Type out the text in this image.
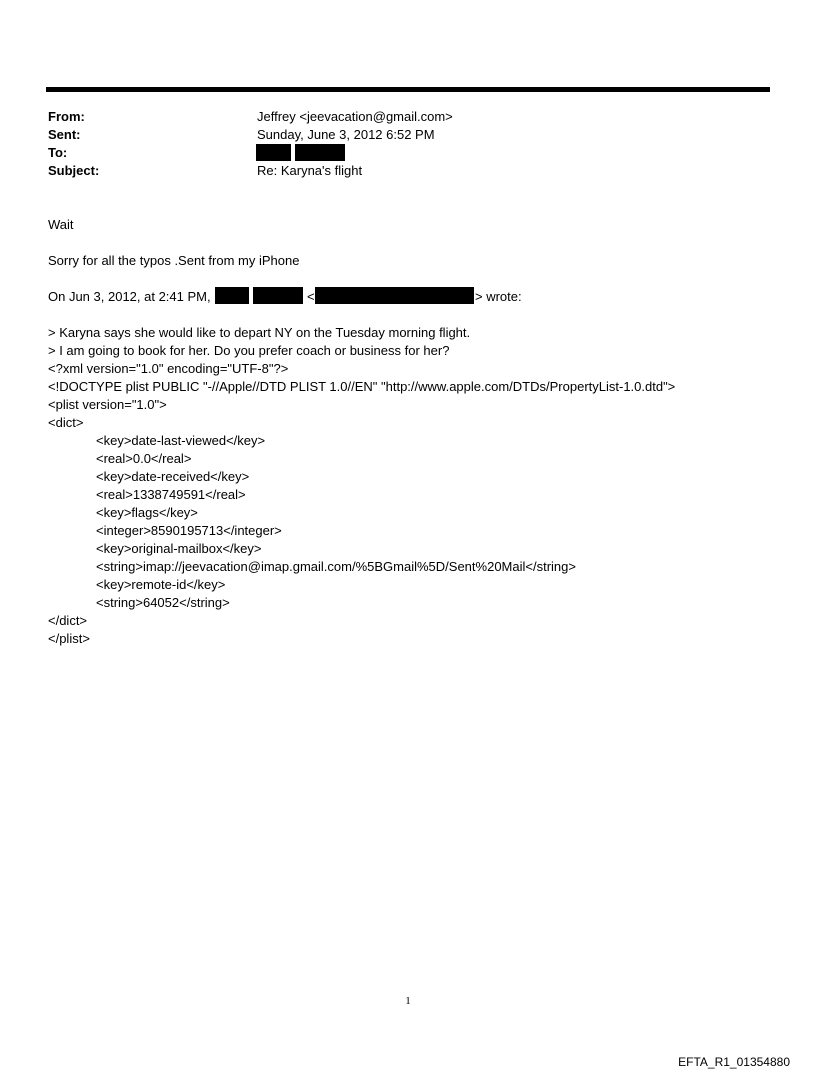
From:	Jeffrey <jeevacation@gmail.com>
Sent:	Sunday, June 3, 2012 6:52 PM
To:
Subject:	Re: Karyna's flight
Wait
Sorry for all the typos .Sent from my iPhone
On Jun 3, 2012, at 2:41 PM,	<	> wrote:
> Karyna says she would like to depart NY on the Tuesday morning flight.
> I am going to book for her. Do you prefer coach or business for her?
<?xml version="1.0" encoding="UTF-8"?>
<!DOCTYPE plist PUBLIC "-//Apple//DTD PLIST 1.0//EN" "http://www.apple.com/DTDs/PropertyList-1.0.dtd">
<plist version="1.0">
<dict>
<key>date-last-viewed</key>
<real>0.0</real>
<key>date-received</key>
<real>1338749591</real>
<key>flags</key>
<integer>8590195713</integer>
<key>original-mailbox</key>
<string>imap://jeevacation@imap.gmail.com/%5BGmail%5D/Sent%20Mail</string>
<key>remote-id</key>
<string>64052</string>
</dict>
</plist>
1
EFTA_R1_01354880
